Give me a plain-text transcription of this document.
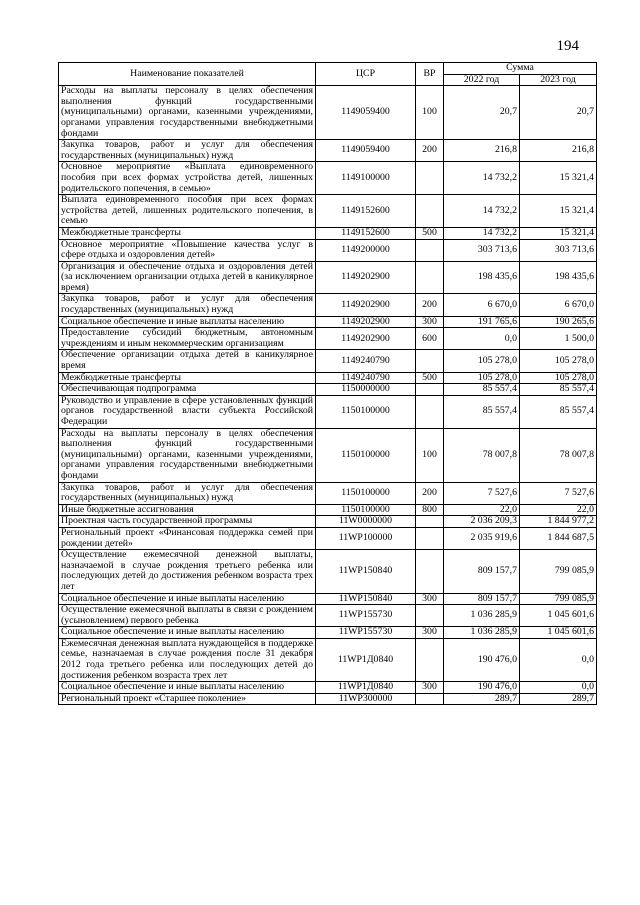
194
Наименование показателей	ЦСР	ВР	Сумма	
			2022 год	2023 год
Расходы на выплаты персоналу в целях обеспечения выполнения функций государственными (муниципальными) органами, казенными учреждениями, органами управления государственными внебюджетными фондами	1149059400	100	20,7	20,7
Закупка товаров, работ и услуг для обеспечения государственных (муниципальных) нужд	1149059400	200	216,8	216,8
Основное мероприятие «Выплата единовременного пособия при всех формах устройства детей, лишенных родительского попечения, в семью»	1149100000		14 732,2	15 321,4
Выплата единовременного пособия при всех формах устройства детей, лишенных родительского попечения, в семью	1149152600		14 732,2	15 321,4
Межбюджетные трансферты	1149152600	500	14 732,2	15 321,4
Основное мероприятие «Повышение качества услуг в сфере отдыха и оздоровления детей»	1149200000		303 713,6	303 713,6
Организация и обеспечение отдыха и оздоровления детей (за исключением организации отдыха детей в каникулярное время)	1149202900		198 435,6	198 435,6
Закупка товаров, работ и услуг для обеспечения государственных (муниципальных) нужд	1149202900	200	6 670,0	6 670,0
Социальное обеспечение и иные выплаты населению	1149202900	300	191 765,6	190 265,6
Предоставление субсидий бюджетным, автономным учреждениям и иным некоммерческим организациям	1149202900	600	0,0	1 500,0
Обеспечение организации отдыха детей в каникулярное время	1149240790		105 278,0	105 278,0
Межбюджетные трансферты	1149240790	500	105 278,0	105 278,0
Обеспечивающая подпрограмма	1150000000		85 557,4	85 557,4
Руководство и управление в сфере установленных функций органов государственной власти субъекта Российской Федерации	1150100000		85 557,4	85 557,4
Расходы на выплаты персоналу в целях обеспечения выполнения функций государственными (муниципальными) органами, казенными учреждениями, органами управления государственными внебюджетными фондами	1150100000	100	78 007,8	78 007,8
Закупка товаров, работ и услуг для обеспечения государственных (муниципальных) нужд	1150100000	200	7 527,6	7 527,6
Иные бюджетные ассигнования	1150100000	800	22,0	22,0
Проектная часть государственной программы	11W0000000		2 036 209,3	1 844 977,2
Региональный проект «Финансовая поддержка семей при рождении детей»	11WP100000		2 035 919,6	1 844 687,5
Осуществление ежемесячной денежной выплаты, назначаемой в случае рождения третьего ребенка или последующих детей до достижения ребенком возраста трех лет	11WP150840		809 157,7	799 085,9
Социальное обеспечение и иные выплаты населению	11WP150840	300	809 157,7	799 085,9
Осуществление ежемесячной выплаты в связи с рождением (усыновлением) первого ребенка	11WP155730		1 036 285,9	1 045 601,6
Социальное обеспечение и иные выплаты населению	11WP155730	300	1 036 285,9	1 045 601,6
Ежемесячная денежная выплата нуждающейся в поддержке семье, назначаемая в случае рождения после 31 декабря 2012 года третьего ребенка или последующих детей до достижения ребенком возраста трех лет	11WP1Д0840		190 476,0	0,0
Социальное обеспечение и иные выплаты населению	11WP1Д0840	300	190 476,0	0,0
Региональный проект «Старшее поколение»	11WP300000		289,7	289,7
